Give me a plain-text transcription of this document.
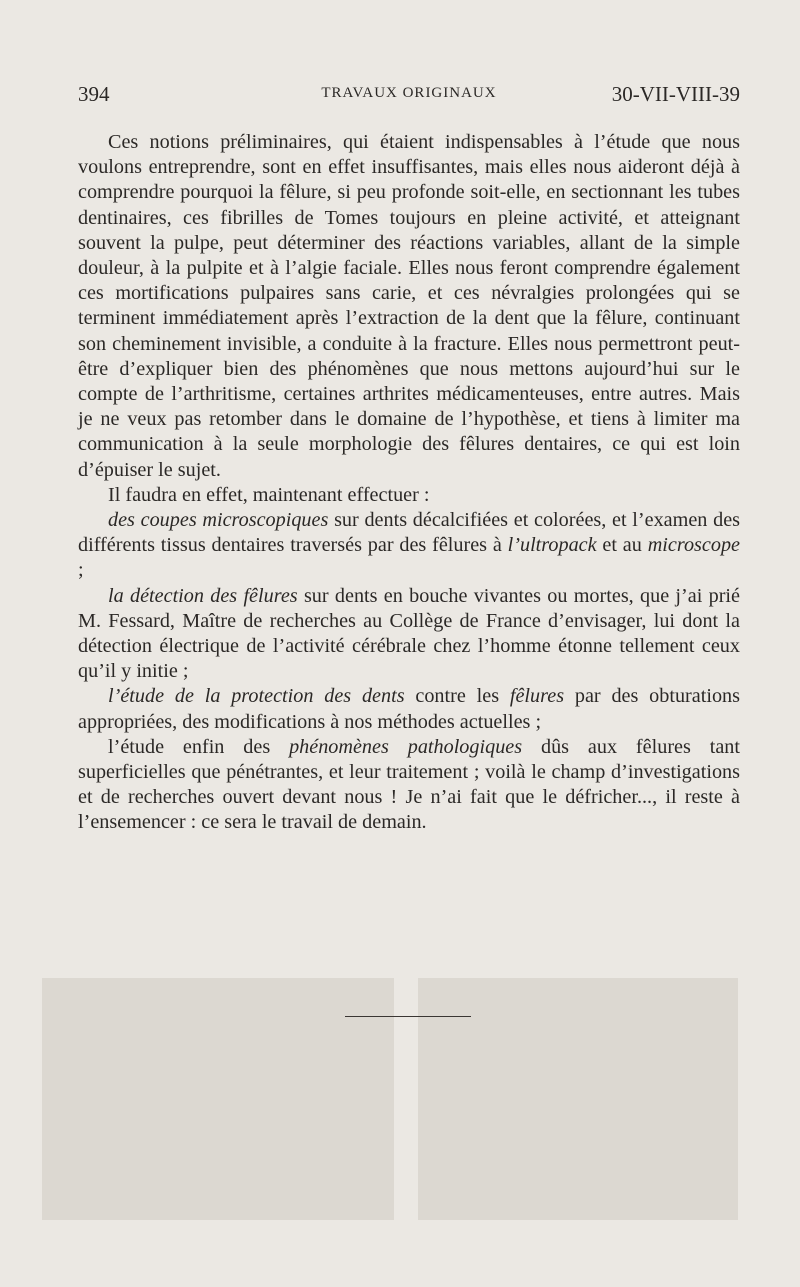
394	TRAVAUX ORIGINAUX	30-VII-VIII-39

Ces notions préliminaires, qui étaient indispensables à l’étude que nous voulons entreprendre, sont en effet insuffisantes, mais elles nous aideront déjà à comprendre pourquoi la fêlure, si peu profonde soit-elle, en sectionnant les tubes dentinaires, ces fibrilles de Tomes toujours en pleine activité, et atteignant souvent la pulpe, peut déterminer des réactions variables, allant de la simple douleur, à la pulpite et à l’algie faciale. Elles nous feront comprendre également ces mortifications pulpaires sans carie, et ces névralgies prolongées qui se terminent immédiatement après l’extraction de la dent que la fêlure, continuant son cheminement invisible, a conduite à la fracture. Elles nous permettront peut-être d’expliquer bien des phénomènes que nous mettons aujourd’hui sur le compte de l’arthritisme, certaines arthrites médicamenteuses, entre autres. Mais je ne veux pas retomber dans le domaine de l’hypothèse, et tiens à limiter ma communication à la seule morphologie des fêlures dentaires, ce qui est loin d’épuiser le sujet.

Il faudra en effet, maintenant effectuer :

des coupes microscopiques sur dents décalcifiées et colorées, et l’examen des différents tissus dentaires traversés par des fêlures à l’ultropack et au microscope ;

la détection des fêlures sur dents en bouche vivantes ou mortes, que j’ai prié M. Fessard, Maître de recherches au Collège de France d’envisager, lui dont la détection électrique de l’activité cérébrale chez l’homme étonne tellement ceux qu’il y initie ;

l’étude de la protection des dents contre les fêlures par des obturations appropriées, des modifications à nos méthodes actuelles ;

l’étude enfin des phénomènes pathologiques dûs aux fêlures tant superficielles que pénétrantes, et leur traitement ; voilà le champ d’investigations et de recherches ouvert devant nous ! Je n’ai fait que le défricher..., il reste à l’ensemencer : ce sera le travail de demain.
